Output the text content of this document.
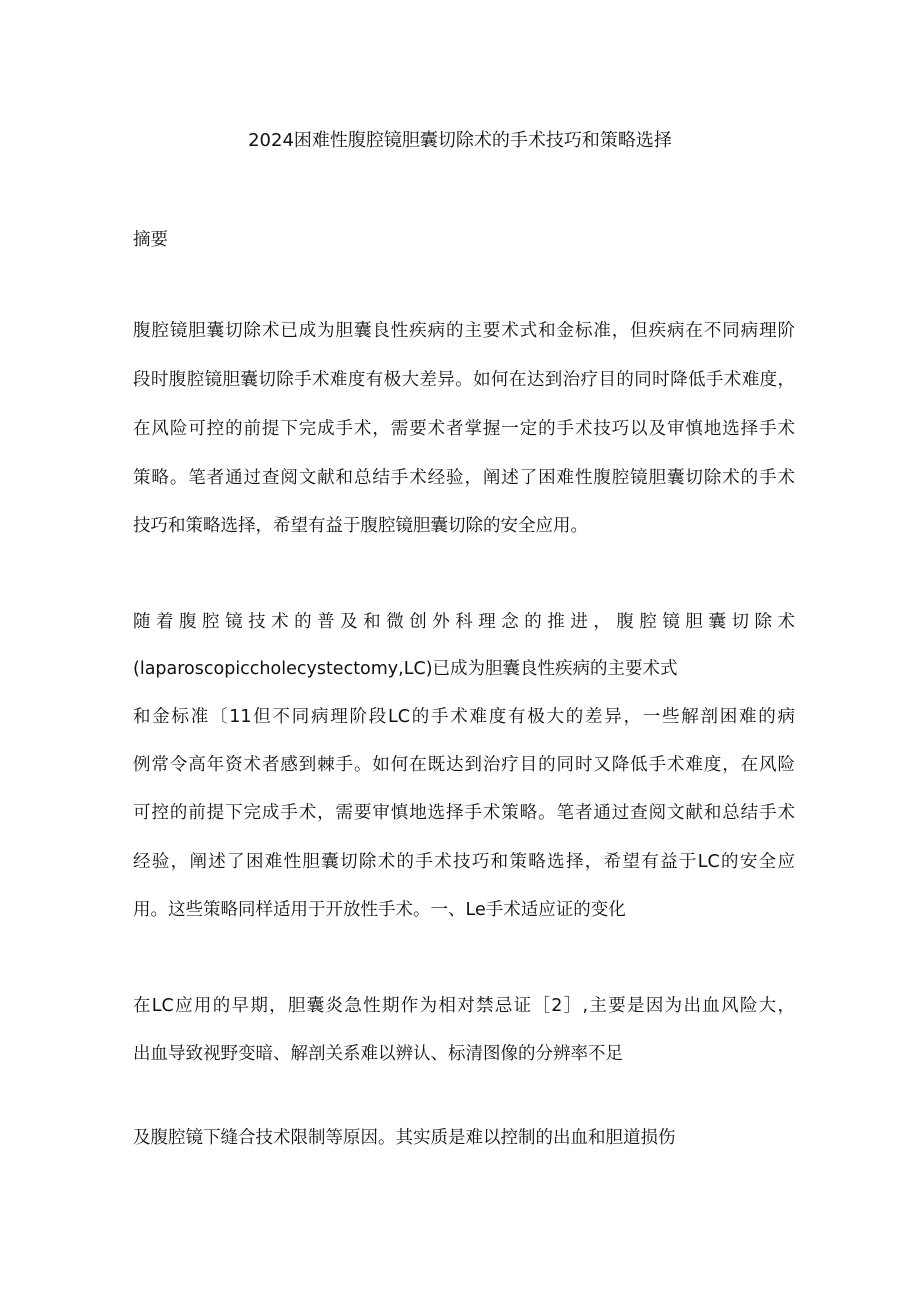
2024困难性腹腔镜胆囊切除术的手术技巧和策略选择
摘要
腹腔镜胆囊切除术已成为胆囊良性疾病的主要术式和金标准，但疾病在不同病理阶
段时腹腔镜胆囊切除手术难度有极大差异。如何在达到治疗目的同时降低手术难度，
在风险可控的前提下完成手术，需要术者掌握一定的手术技巧以及审慎地选择手术
策略。笔者通过查阅文献和总结手术经验，阐述了困难性腹腔镜胆囊切除术的手术
技巧和策略选择，希望有益于腹腔镜胆囊切除的安全应用。
随着腹腔镜技术的普及和微创外科理念的推进，腹腔镜胆囊切除术
(laparoscopiccholecystectomy,LC)已成为胆囊良性疾病的主要术式
和金标准〔11但不同病理阶段LC的手术难度有极大的差异，一些解剖困难的病
例常令高年资术者感到棘手。如何在既达到治疗目的同时又降低手术难度，在风险
可控的前提下完成手术，需要审慎地选择手术策略。笔者通过查阅文献和总结手术
经验，阐述了困难性胆囊切除术的手术技巧和策略选择，希望有益于LC的安全应
用。这些策略同样适用于开放性手术。一、Le手术适应证的变化
在LC应用的早期，胆囊炎急性期作为相对禁忌证［2］,主要是因为出血风险大，
出血导致视野变暗、解剖关系难以辨认、标清图像的分辨率不足
及腹腔镜下缝合技术限制等原因。其实质是难以控制的出血和胆道损伤
